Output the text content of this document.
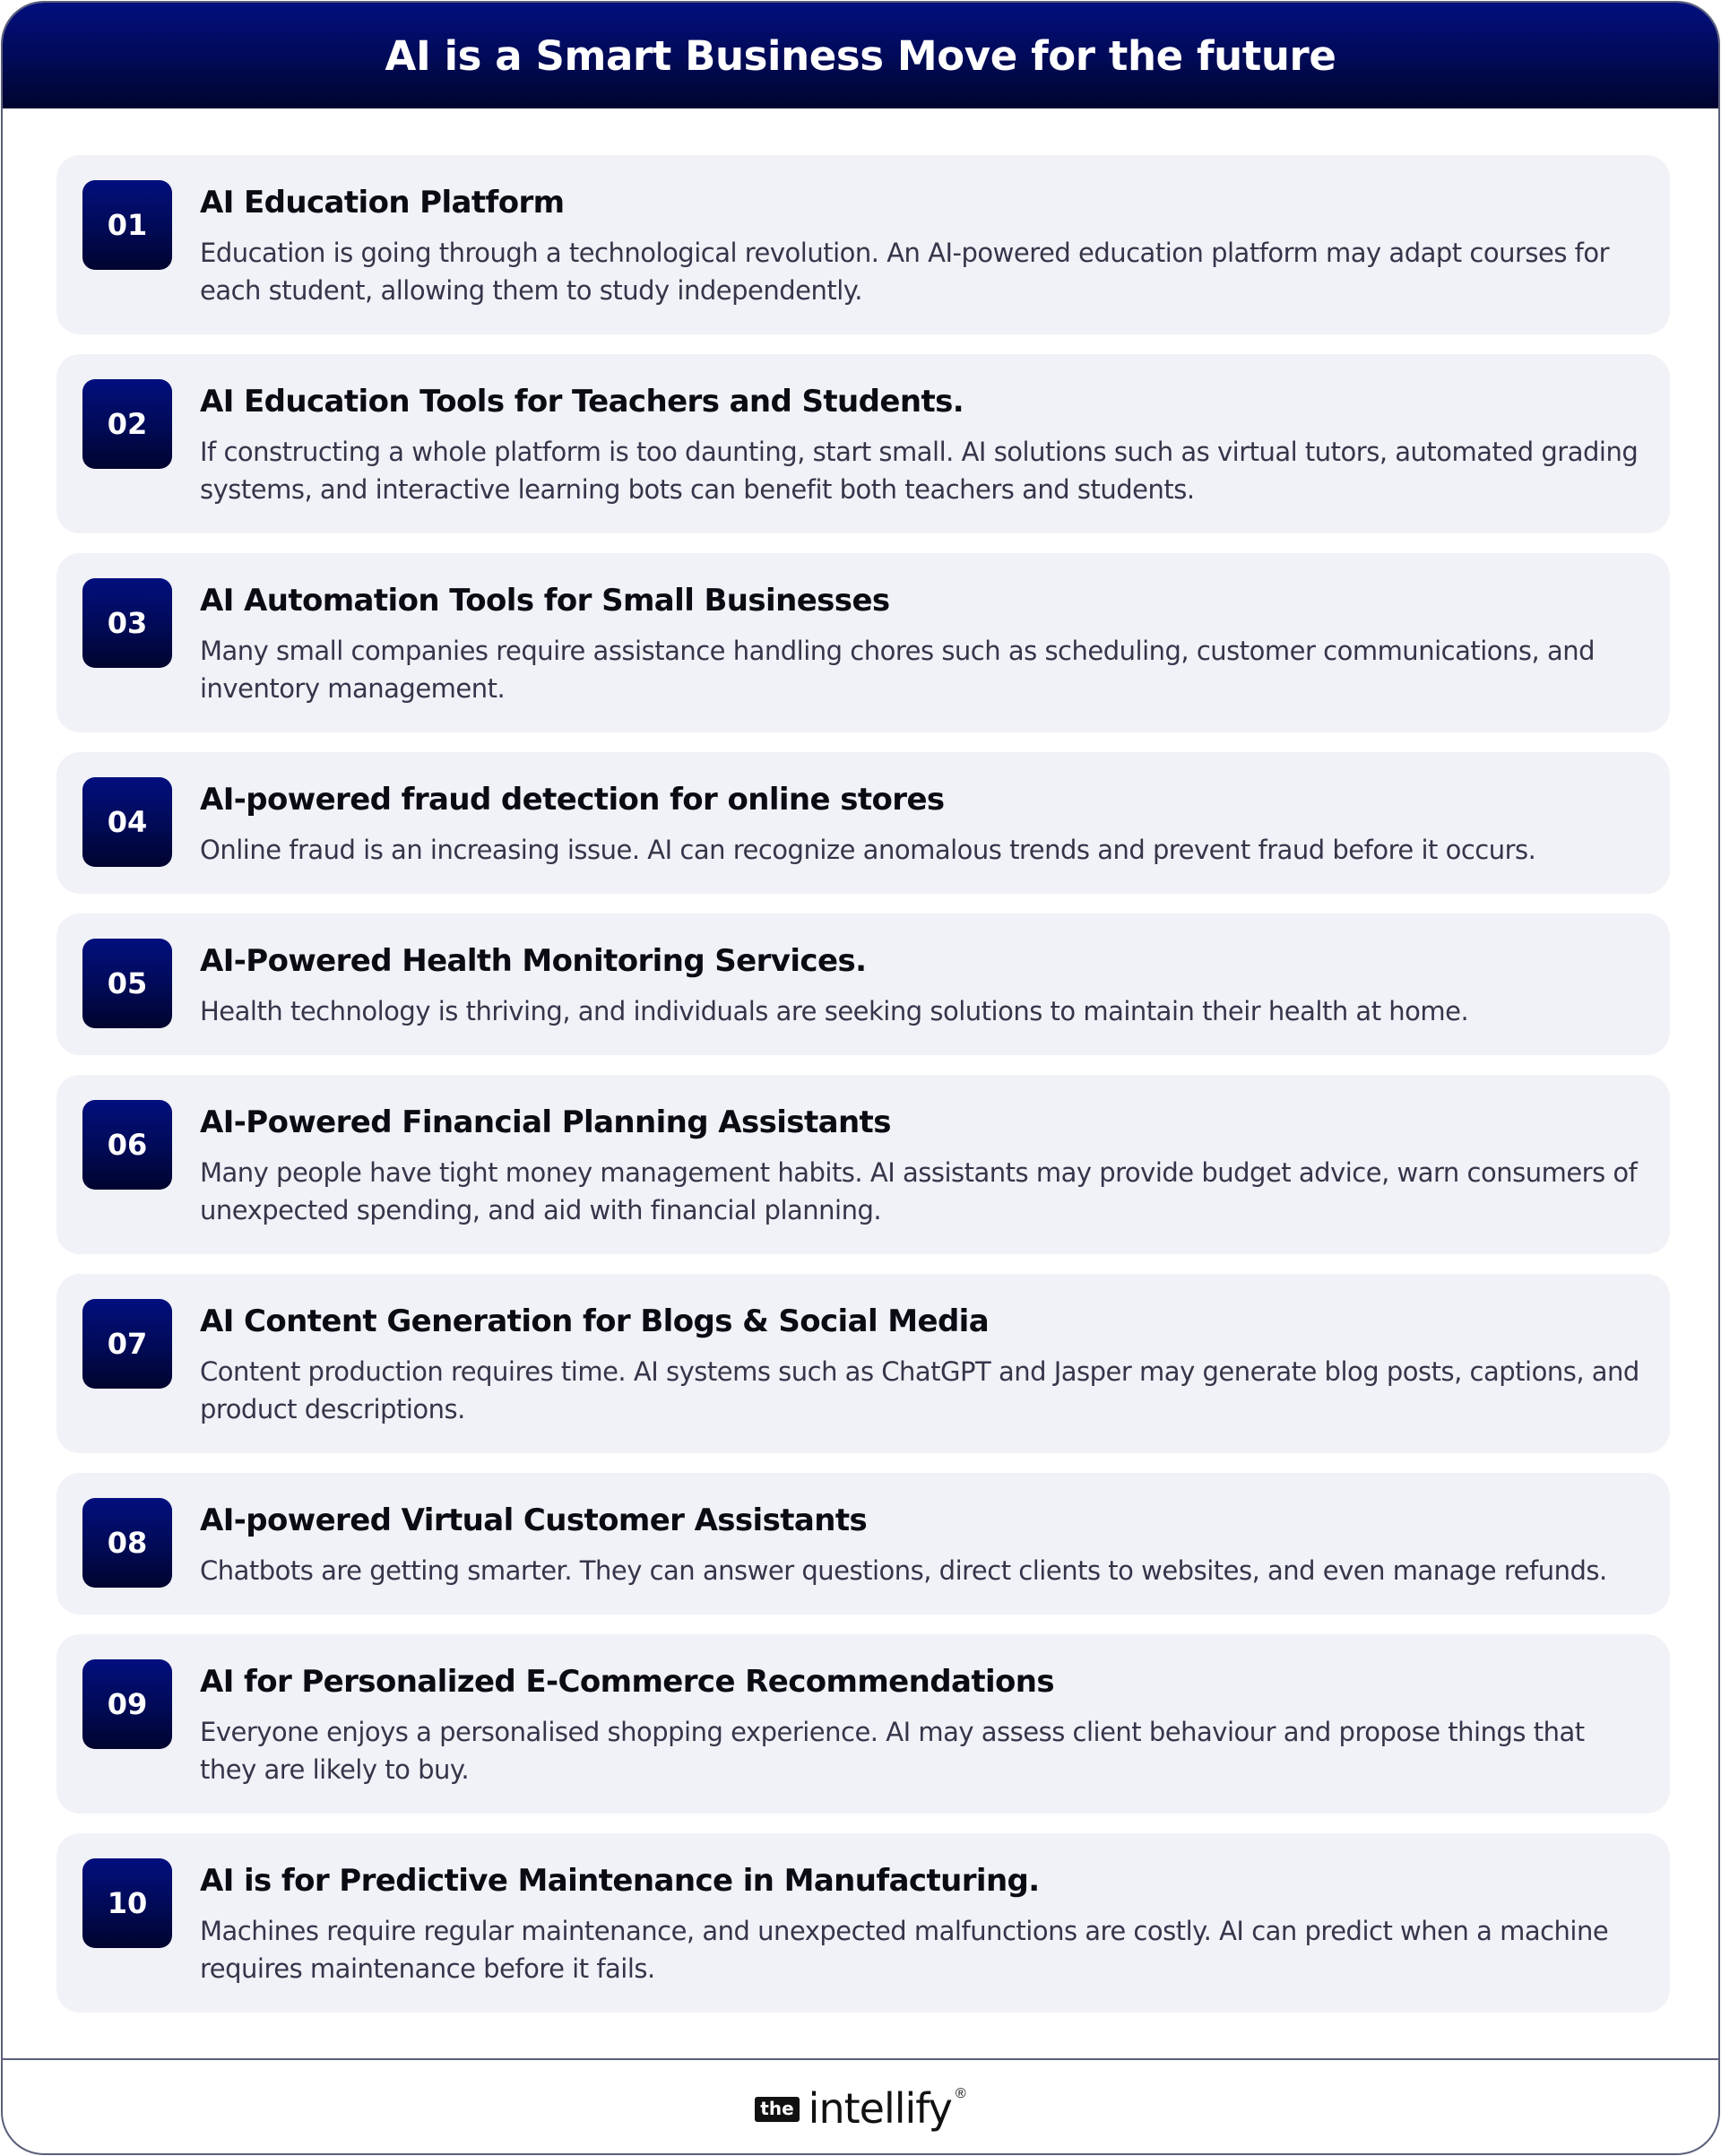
AI is a Smart Business Move for the future
01
AI Education Platform
Education is going through a technological revolution. An AI-powered education platform may adapt courses for each student, allowing them to study independently.
02
AI Education Tools for Teachers and Students.
If constructing a whole platform is too daunting, start small. AI solutions such as virtual tutors, automated grading systems, and interactive learning bots can benefit both teachers and students.
03
AI Automation Tools for Small Businesses
Many small companies require assistance handling chores such as scheduling, customer communications, and inventory management.
04
AI-powered fraud detection for online stores
Online fraud is an increasing issue. AI can recognize anomalous trends and prevent fraud before it occurs.
05
AI-Powered Health Monitoring Services.
Health technology is thriving, and individuals are seeking solutions to maintain their health at home.
06
AI-Powered Financial Planning Assistants
Many people have tight money management habits. AI assistants may provide budget advice, warn consumers of unexpected spending, and aid with financial planning.
07
AI Content Generation for Blogs & Social Media
Content production requires time. AI systems such as ChatGPT and Jasper may generate blog posts, captions, and product descriptions.
08
AI-powered Virtual Customer Assistants
Chatbots are getting smarter. They can answer questions, direct clients to websites, and even manage refunds.
09
AI for Personalized E-Commerce Recommendations
Everyone enjoys a personalised shopping experience. AI may assess client behaviour and propose things that they are likely to buy.
10
AI is for Predictive Maintenance in Manufacturing.
Machines require regular maintenance, and unexpected malfunctions are costly. AI can predict when a machine requires maintenance before it fails.
the intellify ®
